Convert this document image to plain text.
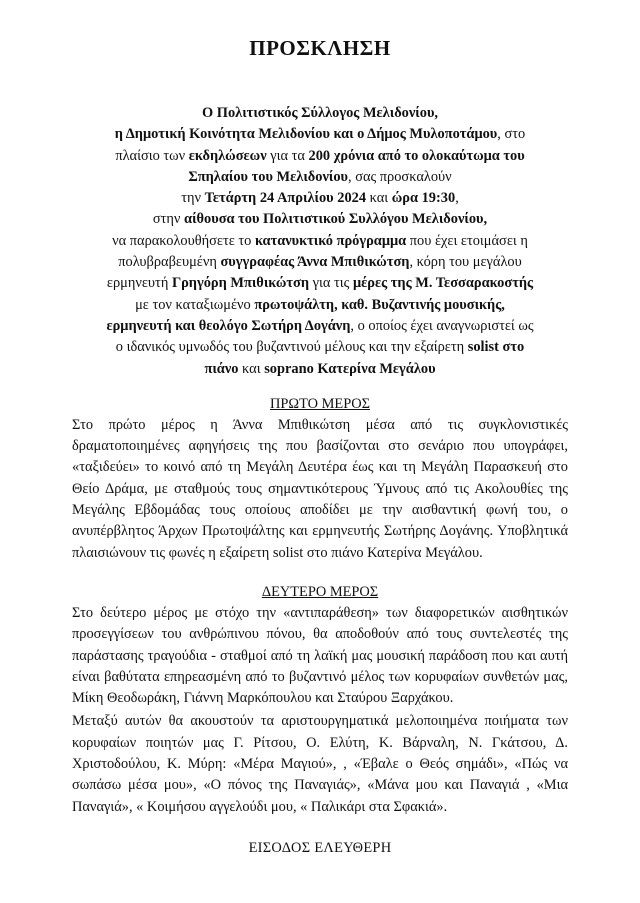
ΠΡΟΣΚΛΗΣΗ
Ο Πολιτιστικός Σύλλογος Μελιδονίου,
η Δημοτική Κοινότητα Μελιδονίου και ο Δήμος Μυλοποτάμου, στο
πλαίσιο των εκδηλώσεων για τα 200 χρόνια από το ολοκαύτωμα του
Σπηλαίου του Μελιδονίου, σας προσκαλούν
την Τετάρτη 24 Απριλίου 2024 και ώρα 19:30,
στην αίθουσα του Πολιτιστικού Συλλόγου Μελιδονίου,
να παρακολουθήσετε το κατανυκτικό πρόγραμμα που έχει ετοιμάσει η
πολυβραβευμένη συγγραφέας Άννα Μπιθικώτση, κόρη του μεγάλου
ερμηνευτή Γρηγόρη Μπιθικώτση για τις μέρες της Μ. Τεσσαρακοστής
με τον καταξιωμένο πρωτοψάλτη, καθ. Βυζαντινής μουσικής,
ερμηνευτή και θεολόγο Σωτήρη Δογάνη, ο οποίος έχει αναγνωριστεί ως
ο ιδανικός υμνωδός του βυζαντινού μέλους και την εξαίρετη solist στο
πιάνο και soprano Κατερίνα Μεγάλου
ΠΡΩΤΟ ΜΕΡΟΣ

Στο πρώτο μέρος η Άννα Μπιθικώτση μέσα από τις συγκλονιστικές δραματοποιημένες αφηγήσεις της που βασίζονται στο σενάριο που υπογράφει, «ταξιδεύει» το κοινό από τη Μεγάλη Δευτέρα έως και τη Μεγάλη Παρασκευή στο Θείο Δράμα, με σταθμούς τους σημαντικότερους Ύμνους από τις Ακολουθίες της Μεγάλης Εβδομάδας τους οποίους αποδίδει με την αισθαντική φωνή του, ο ανυπέρβλητος Άρχων Πρωτοψάλτης και ερμηνευτής Σωτήρης Δογάνης. Υποβλητικά πλαισιώνουν τις φωνές η εξαίρετη solist στο πιάνο Κατερίνα Μεγάλου.

ΔΕΥΤΕΡΟ ΜΕΡΟΣ

Στο δεύτερο μέρος με στόχο την «αντιπαράθεση» των διαφορετικών αισθητικών προσεγγίσεων του ανθρώπινου πόνου, θα αποδοθούν από τους συντελεστές της παράστασης τραγούδια - σταθμοί από τη λαϊκή μας μουσική παράδοση που και αυτή είναι βαθύτατα επηρεασμένη από το βυζαντινό μέλος των κορυφαίων συνθετών μας, Μίκη Θεοδωράκη, Γιάννη Μαρκόπουλου και Σταύρου Ξαρχάκου.

Μεταξύ αυτών θα ακουστούν τα αριστουργηματικά μελοποιημένα ποιήματα των κορυφαίων ποιητών μας Γ. Ρίτσου, Ο. Ελύτη, Κ. Βάρναλη, Ν. Γκάτσου, Δ. Χριστοδούλου, Κ. Μύρη: «Μέρα Μαγιού», , «Έβαλε ο Θεός σημάδι», «Πώς να σωπάσω μέσα μου», «Ο πόνος της Παναγιάς», «Μάνα μου και Παναγιά , «Μια Παναγιά», « Κοιμήσου αγγελούδι μου, « Παλικάρι στα Σφακιά».

ΕΙΣΟΔΟΣ ΕΛΕΥΘΕΡΗ
